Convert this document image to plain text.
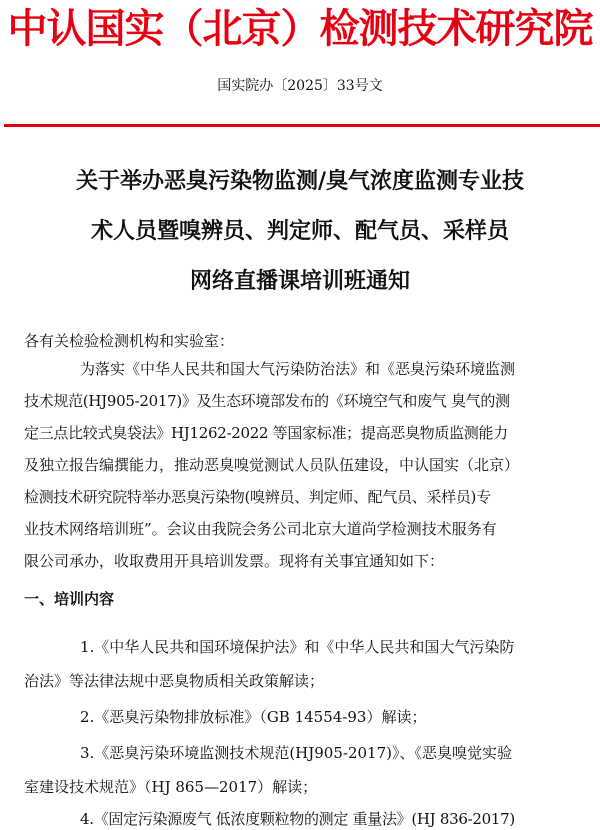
中认国实（北京）检测技术研究院
国实院办〔2025〕33号文
关于举办恶臭污染物监测/臭气浓度监测专业技
术人员暨嗅辨员、判定师、配气员、采样员
网络直播课培训班通知
各有关检验检测机构和实验室：
为落实《中华人民共和国大气污染防治法》和《恶臭污染环境监测
技术规范(HJ905-2017)》及生态环境部发布的《环境空气和废气 臭气的测
定三点比较式臭袋法》HJ1262-2022 等国家标准；提高恶臭物质监测能力
及独立报告编撰能力，推动恶臭嗅觉测试人员队伍建设，中认国实（北京）
检测技术研究院特举办恶臭污染物(嗅辨员、判定师、配气员、采样员)专
业技术网络培训班”。会议由我院会务公司北京大道尚学检测技术服务有
限公司承办，收取费用开具培训发票。现将有关事宜通知如下：
一、培训内容
1.《中华人民共和国环境保护法》和《中华人民共和国大气污染防
治法》等法律法规中恶臭物质相关政策解读；
2.《恶臭污染物排放标准》（GB 14554-93）解读；
3.《恶臭污染环境监测技术规范(HJ905-2017)》、《恶臭嗅觉实验
室建设技术规范》（HJ 865—2017）解读；
4.《固定污染源废气 低浓度颗粒物的测定 重量法》(HJ 836-2017)
